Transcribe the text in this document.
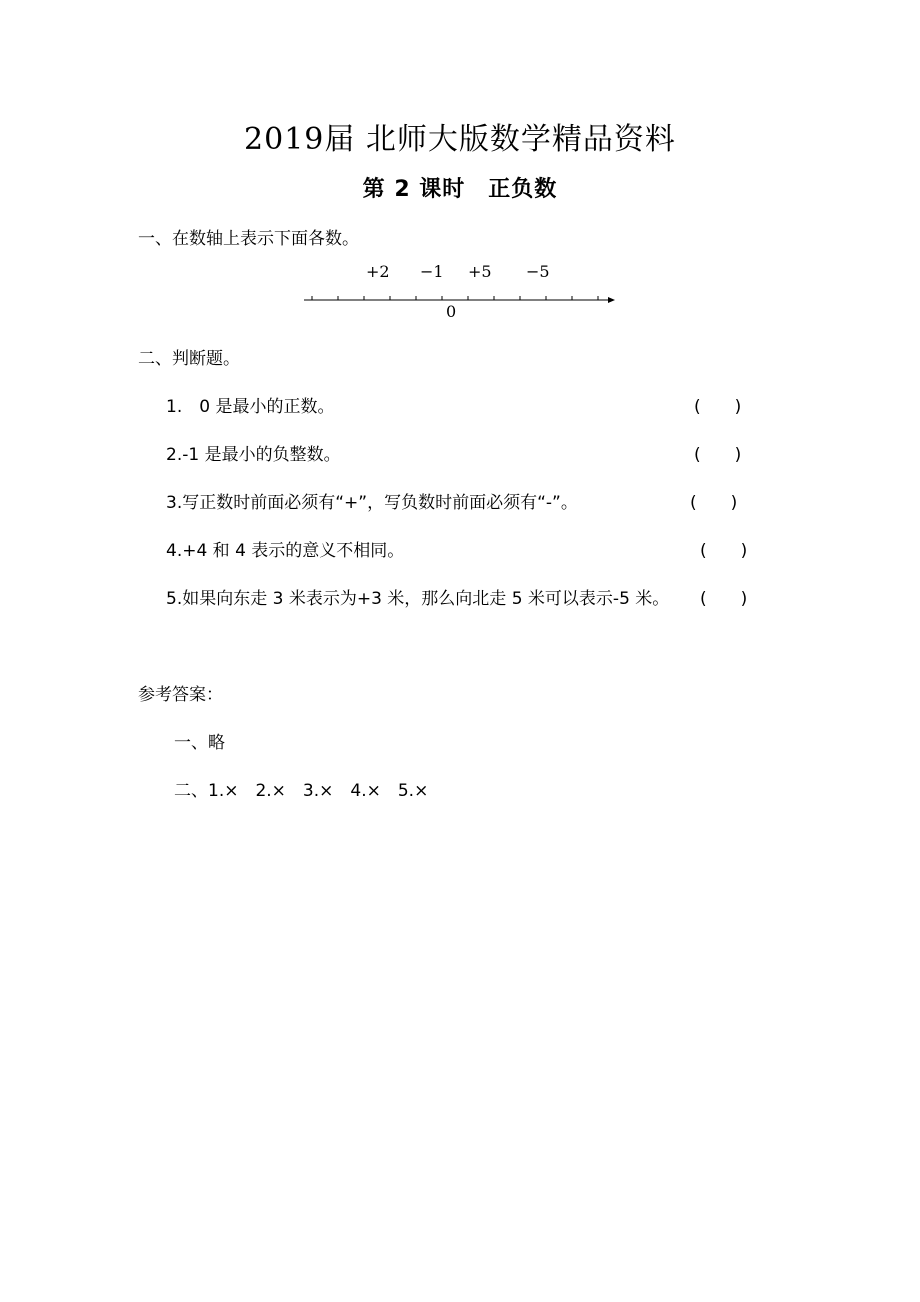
2019届 北师大版数学精品资料
第 2 课时　正负数
一、在数轴上表示下面各数。
+2 −1 +5 −5
0
二、判断题。
1.　0 是最小的正数。	(　　)
2.-1 是最小的负整数。	(　　)
3.写正数时前面必须有“+”，写负数时前面必须有“-”。	(　　)
4.+4 和 4 表示的意义不相同。	(　　)
5.如果向东走 3 米表示为+3 米，那么向北走 5 米可以表示-5 米。 (　　)
参考答案：
一、略
二、1.×　2.×　3.×　4.×　5.×
